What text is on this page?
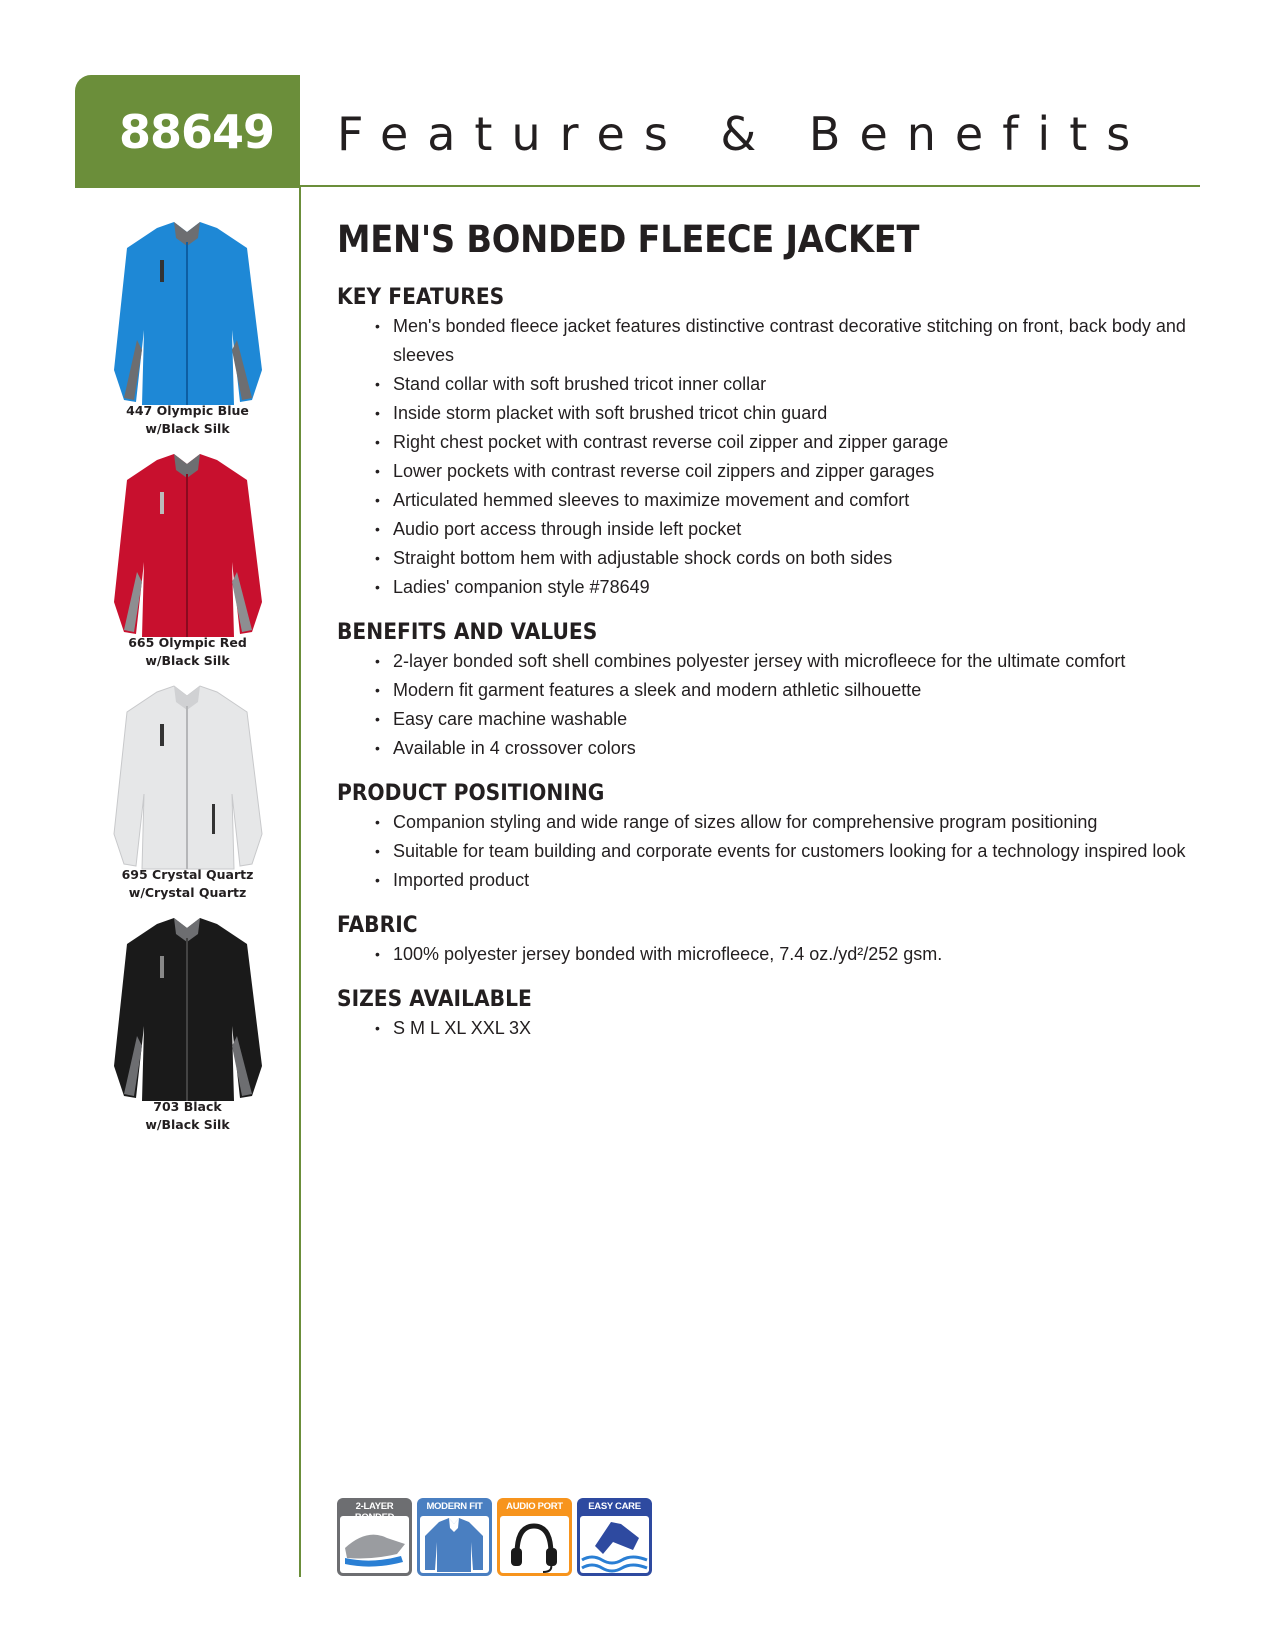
88649 Features & Benefits
447 Olympic Blue
w/Black Silk
665 Olympic Red
w/Black Silk
695 Crystal Quartz
w/Crystal Quartz
703 Black
w/Black Silk
MEN'S BONDED FLEECE JACKET
KEY FEATURES
• Men's bonded fleece jacket features distinctive contrast decorative stitching on front, back body and sleeves
• Stand collar with soft brushed tricot inner collar
• Inside storm placket with soft brushed tricot chin guard
• Right chest pocket with contrast reverse coil zipper and zipper garage
• Lower pockets with contrast reverse coil zippers and zipper garages
• Articulated hemmed sleeves to maximize movement and comfort
• Audio port access through inside left pocket
• Straight bottom hem with adjustable shock cords on both sides
• Ladies' companion style #78649
BENEFITS AND VALUES
• 2-layer bonded soft shell combines polyester jersey with microfleece for the ultimate comfort
• Modern fit garment features a sleek and modern athletic silhouette
• Easy care machine washable
• Available in 4 crossover colors
PRODUCT POSITIONING
• Companion styling and wide range of sizes allow for comprehensive program positioning
• Suitable for team building and corporate events for customers looking for a technology inspired look
• Imported product
FABRIC
• 100% polyester jersey bonded with microfleece, 7.4 oz./yd²/252 gsm.
SIZES AVAILABLE
• S M L XL XXL 3X
2-LAYER	MODERN FIT	AUDIO PORT	EASY CARE
